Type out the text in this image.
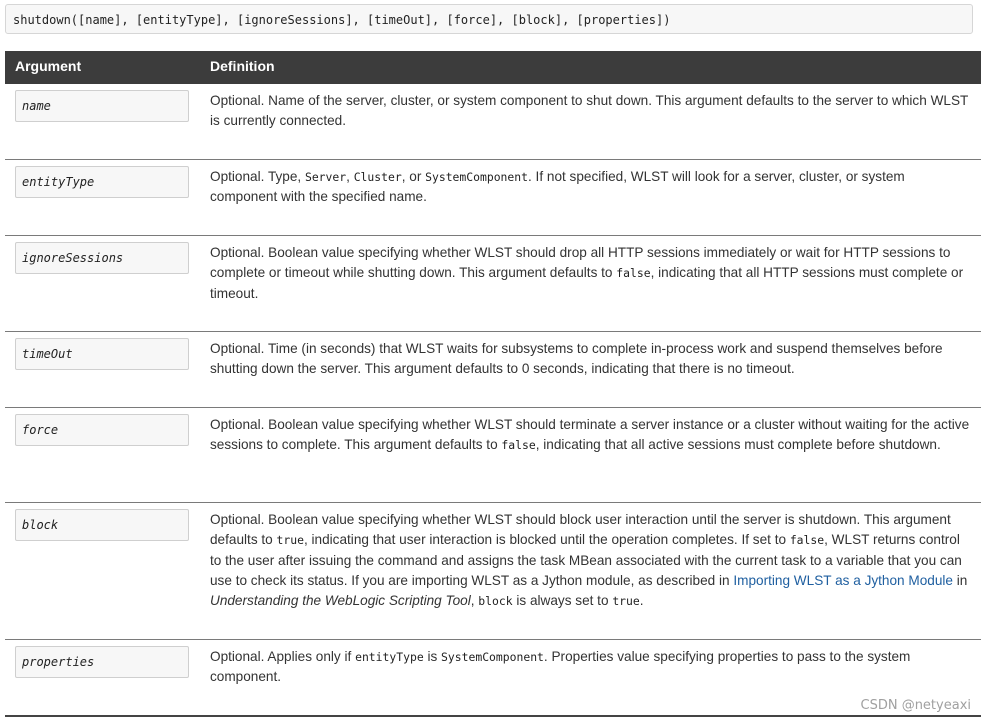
shutdown([name], [entityType], [ignoreSessions], [timeOut], [force], [block], [properties])
Argument	Definition
name	Optional. Name of the server, cluster, or system component to shut down. This argument defaults to the server to which WLST is currently connected.

entityType	Optional. Type, Server, Cluster, or SystemComponent. If not specified, WLST will look for a server, cluster, or system component with the specified name.

ignoreSessions	Optional. Boolean value specifying whether WLST should drop all HTTP sessions immediately or wait for HTTP sessions to complete or timeout while shutting down. This argument defaults to false, indicating that all HTTP sessions must complete or timeout.

timeOut	Optional. Time (in seconds) that WLST waits for subsystems to complete in-process work and suspend themselves before shutting down the server. This argument defaults to 0 seconds, indicating that there is no timeout.

force	Optional. Boolean value specifying whether WLST should terminate a server instance or a cluster without waiting for the active sessions to complete. This argument defaults to false, indicating that all active sessions must complete before shutdown.

block	Optional. Boolean value specifying whether WLST should block user interaction until the server is shutdown. This argument defaults to true, indicating that user interaction is blocked until the operation completes. If set to false, WLST returns control to the user after issuing the command and assigns the task MBean associated with the current task to a variable that you can use to check its status. If you are importing WLST as a Jython module, as described in Importing WLST as a Jython Module in Understanding the WebLogic Scripting Tool, block is always set to true.

properties	Optional. Applies only if entityType is SystemComponent. Properties value specifying properties to pass to the system component.

CSDN @netyeaxi
